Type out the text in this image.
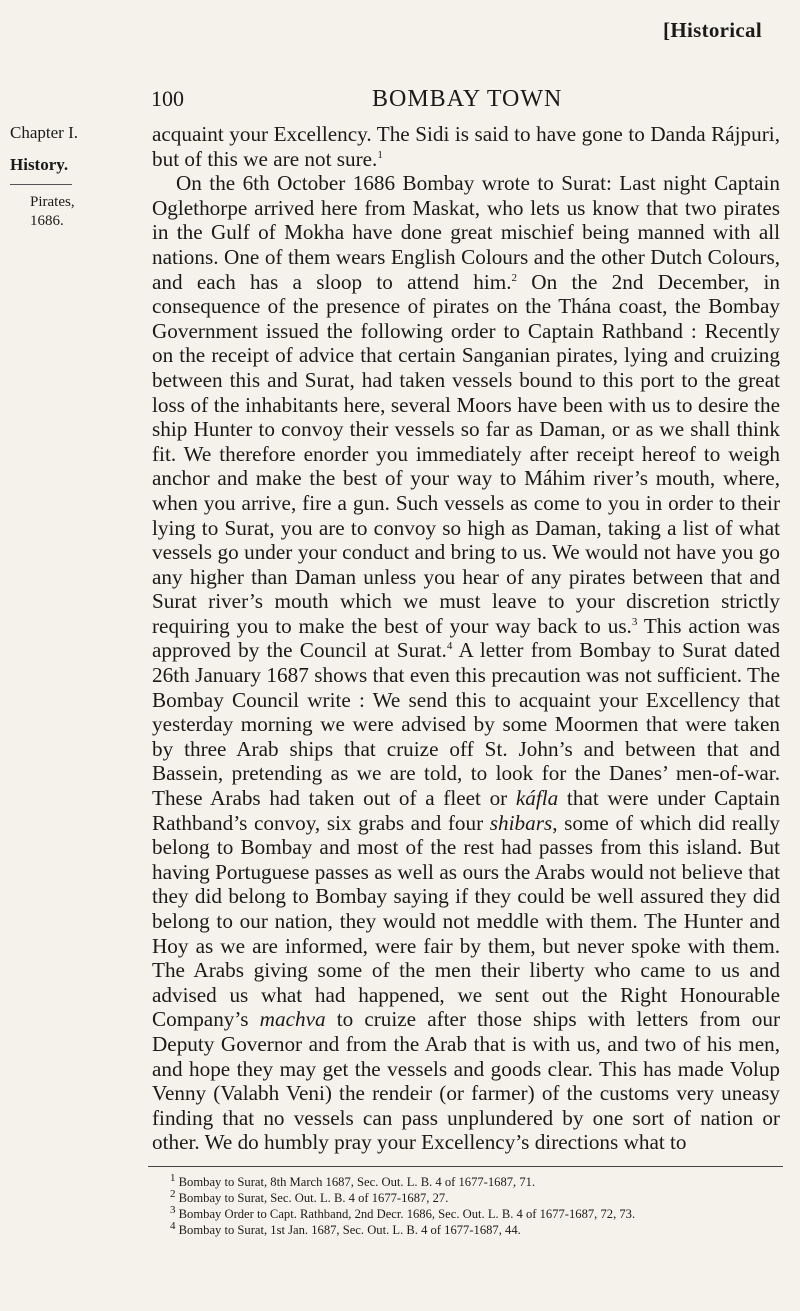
[Historical
100	BOMBAY TOWN
Chapter I.
History.
Pirates,
1686.

acquaint your Excellency. The Sidi is said to have gone to Danda Rájpuri, but of this we are not sure.$^1$

On the 6th October 1686 Bombay wrote to Surat: Last night Captain Oglethorpe arrived here from Maskat, who lets us know that two pirates in the Gulf of Mokha have done great mischief being manned with all nations. One of them wears English Colours and the other Dutch Colours, and each has a sloop to attend him.$^2$ On the 2nd December, in consequence of the presence of pirates on the Thána coast, the Bombay Government issued the following order to Captain Rathband : Recently on the receipt of advice that certain Sanganian pirates, lying and cruizing between this and Surat, had taken vessels bound to this port to the great loss of the inhabitants here, several Moors have been with us to desire the ship Hunter to convoy their vessels so far as Daman, or as we shall think fit. We therefore enorder you immediately after receipt hereof to weigh anchor and make the best of your way to Máhim river’s mouth, where, when you arrive, fire a gun. Such vessels as come to you in order to their lying to Surat, you are to convoy so high as Daman, taking a list of what vessels go under your conduct and bring to us. We would not have you go any higher than Daman unless you hear of any pirates between that and Surat river’s mouth which we must leave to your discretion strictly requiring you to make the best of your way back to us.$^3$ This action was approved by the Council at Surat.$^4$ A letter from Bombay to Surat dated 26th January 1687 shows that even this precaution was not sufficient. The Bombay Council write : We send this to acquaint your Excellency that yesterday morning we were advised by some Moormen that were taken by three Arab ships that cruize off St. John’s and between that and Bassein, pretending as we are told, to look for the Danes’ men-of-war. These Arabs had taken out of a fleet or káfla that were under Captain Rathband’s convoy, six grabs and four shibars, some of which did really belong to Bombay and most of the rest had passes from this island. But having Portuguese passes as well as ours the Arabs would not believe that they did belong to Bombay saying if they could be well assured they did belong to our nation, they would not meddle with them. The Hunter and Hoy as we are informed, were fair by them, but never spoke with them. The Arabs giving some of the men their liberty who came to us and advised us what had happened, we sent out the Right Honourable Company’s machva to cruize after those ships with letters from our Deputy Governor and from the Arab that is with us, and two of his men, and hope they may get the vessels and goods clear. This has made Volup Venny (Valabh Veni) the rendeir (or farmer) of the customs very uneasy finding that no vessels can pass unplundered by one sort of nation or other. We do humbly pray your Excellency’s directions what to

$^1$ Bombay to Surat, 8th March 1687, Sec. Out. L. B. 4 of 1677-1687, 71.
$^2$ Bombay to Surat, Sec. Out. L. B. 4 of 1677-1687, 27.
$^3$ Bombay Order to Capt. Rathband, 2nd Decr. 1686, Sec. Out. L. B. 4 of 1677-1687, 72, 73.
$^4$ Bombay to Surat, 1st Jan. 1687, Sec. Out. L. B. 4 of 1677-1687, 44.
